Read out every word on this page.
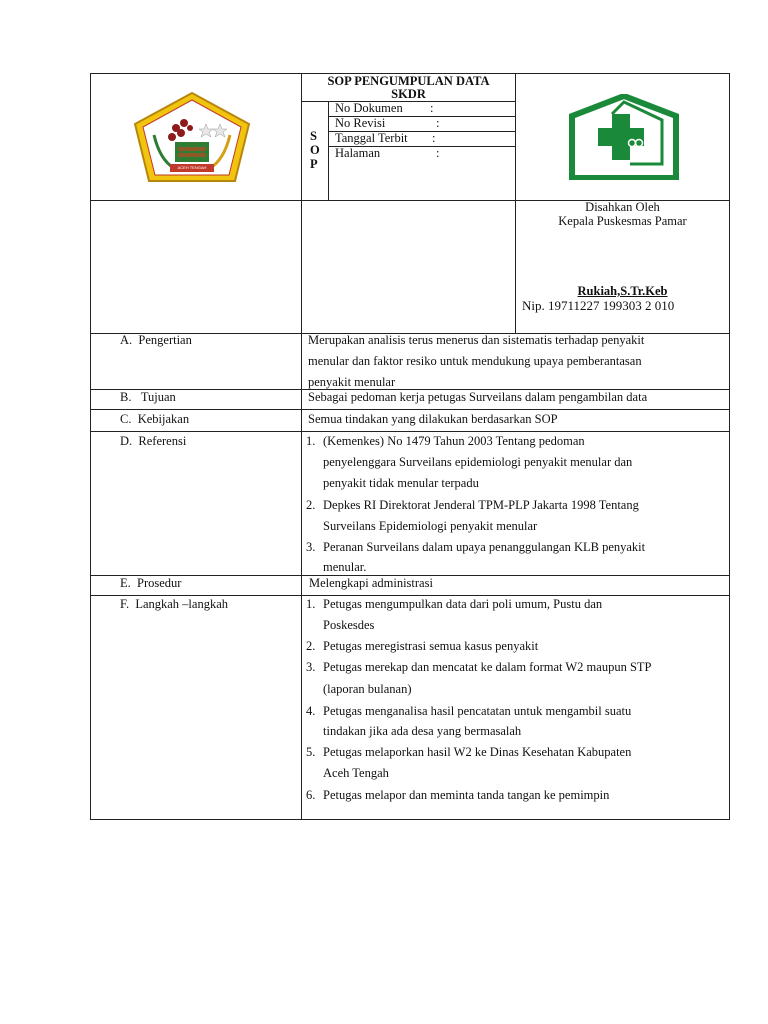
ACEH TENGAH
SOP PENGUMPULAN DATA
SKDR
S
O
P
No Dokumen :
No Revisi	:
Tanggal Terbit :
Halaman	:
Disahkan Oleh
Kepala Puskesmas Pamar
Rukiah,S.Tr.Keb
Nip. 19711227 199303 2 010
A.  Pengertian	Merupakan analisis terus menerus dan sistematis terhadap penyakit
menular dan faktor resiko untuk mendukung upaya pemberantasan
penyakit menular
B.   Tujuan	Sebagai pedoman kerja petugas Surveilans dalam pengambilan data
C.  Kebijakan	Semua tindakan yang dilakukan berdasarkan SOP
D.  Referensi	1. (Kemenkes) No 1479 Tahun 2003 Tentang pedoman
penyelenggara Surveilans epidemiologi penyakit menular dan
penyakit tidak menular terpadu
2. Depkes RI Direktorat Jenderal TPM-PLP Jakarta 1998 Tentang
Surveilans Epidemiologi penyakit menular
3. Peranan Surveilans dalam upaya penanggulangan KLB penyakit
menular.
E.  Prosedur	Melengkapi administrasi
F.  Langkah –langkah	1. Petugas mengumpulkan data dari poli umum, Pustu dan
Poskesdes
2. Petugas meregistrasi semua kasus penyakit
3. Petugas merekap dan mencatat ke dalam format W2 maupun STP
(laporan bulanan)
4. Petugas menganalisa hasil pencatatan untuk mengambil suatu
tindakan jika ada desa yang bermasalah
5. Petugas melaporkan hasil W2 ke Dinas Kesehatan Kabupaten
Aceh Tengah
6. Petugas melapor dan meminta tanda tangan ke pemimpin
